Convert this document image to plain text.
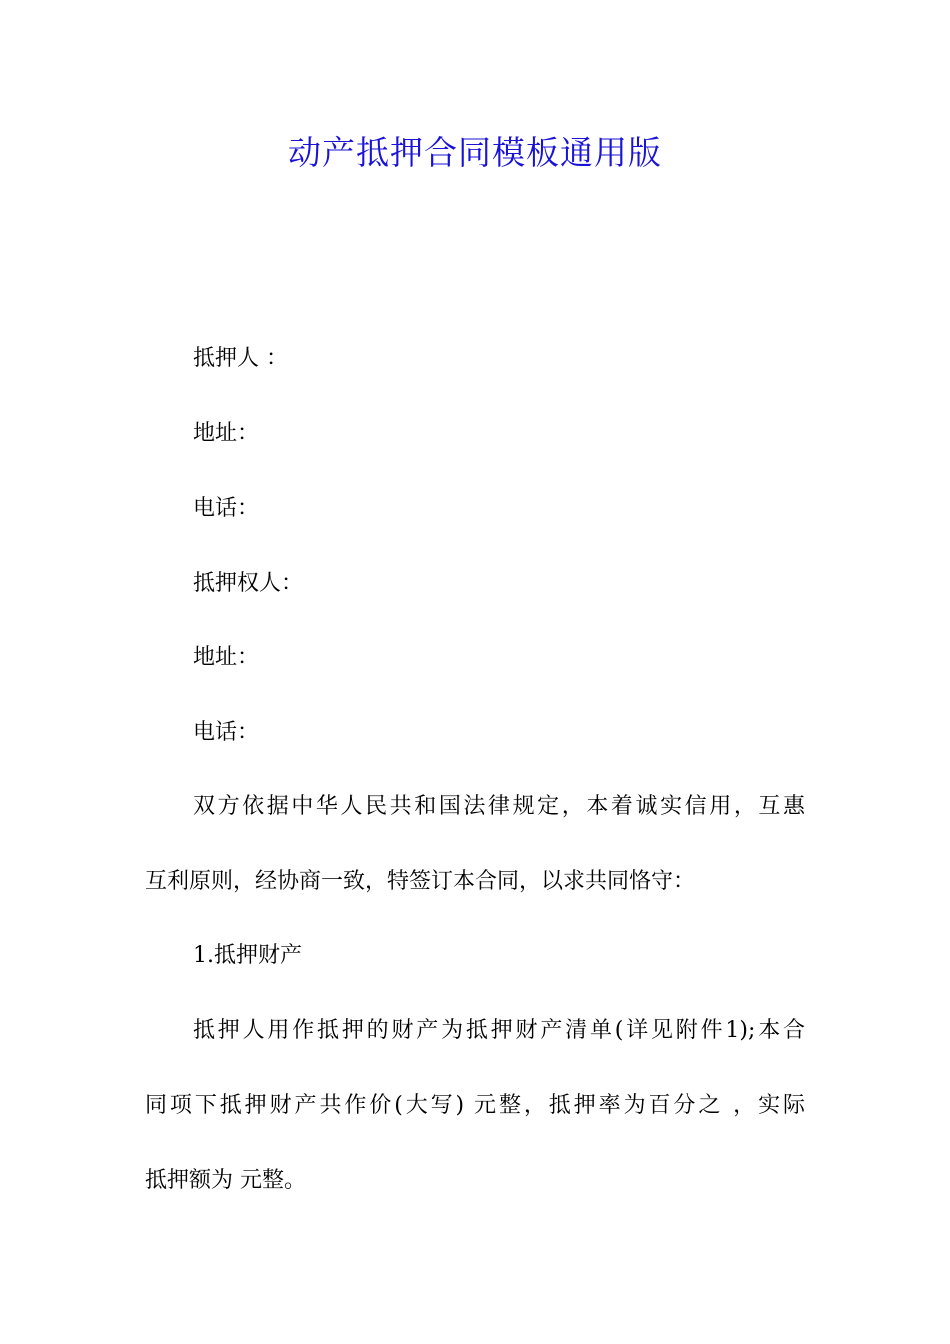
动产抵押合同模板通用版

抵押人 ：

地址：

电话：

抵押权人：

地址：

电话：

双方依据中华人民共和国法律规定，本着诚实信用，互惠

互利原则，经协商一致，特签订本合同，以求共同恪守：

1.抵押财产

抵押人用作抵押的财产为抵押财产清单(详见附件1);本合

同项下抵押财产共作价(大写) 元整，抵押率为百分之 ，实际

抵押额为 元整。
